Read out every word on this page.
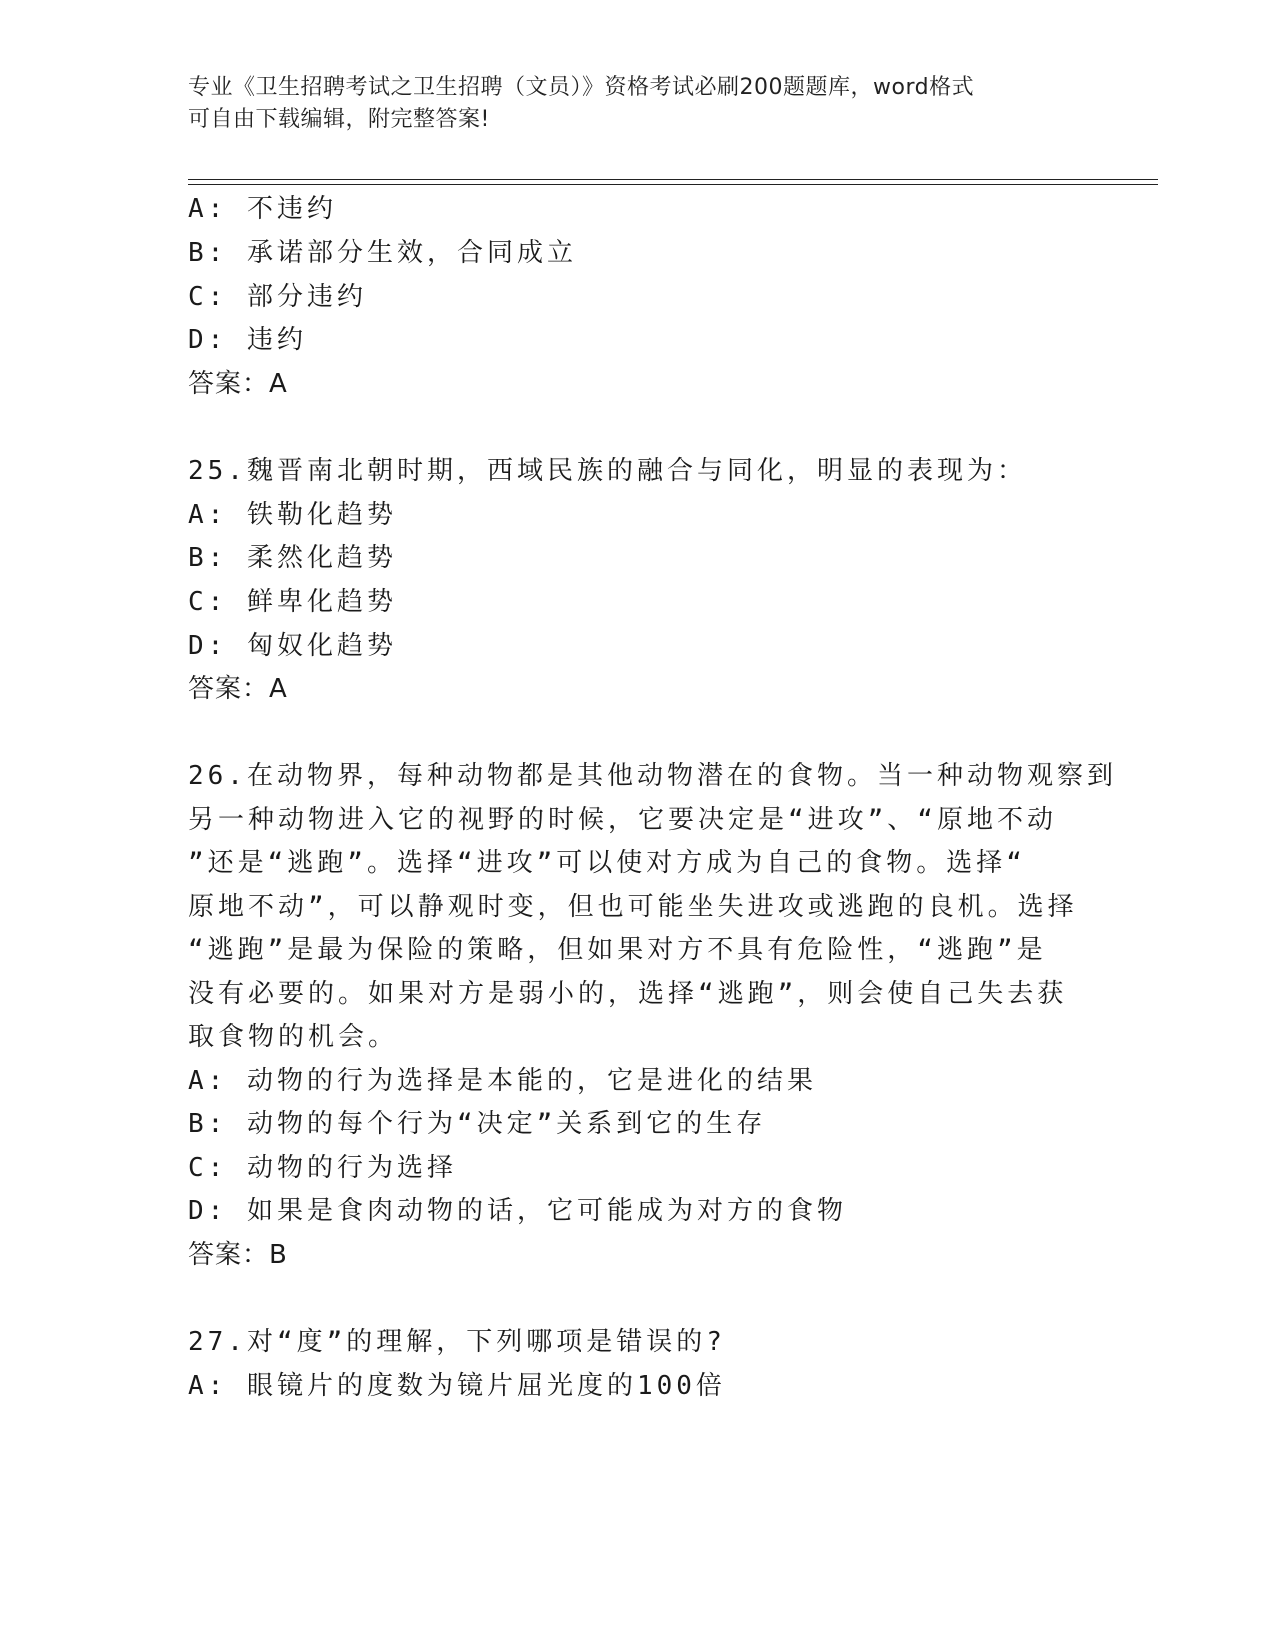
专业《卫生招聘考试之卫生招聘（文员）》资格考试必刷200题题库，word格式
可自由下载编辑，附完整答案!
A: 不违约
B: 承诺部分生效，合同成立
C: 部分违约
D: 违约
答案：A
25.魏晋南北朝时期，西域民族的融合与同化，明显的表现为：
A: 铁勒化趋势
B: 柔然化趋势
C: 鲜卑化趋势
D: 匈奴化趋势
答案：A
26.在动物界，每种动物都是其他动物潜在的食物。当一种动物观察到
另一种动物进入它的视野的时候，它要决定是“进攻”、“原地不动
”还是“逃跑”。选择“进攻”可以使对方成为自己的食物。选择“
原地不动”，可以静观时变，但也可能坐失进攻或逃跑的良机。选择
“逃跑”是最为保险的策略，但如果对方不具有危险性，“逃跑”是
没有必要的。如果对方是弱小的，选择“逃跑”，则会使自己失去获
取食物的机会。
A: 动物的行为选择是本能的，它是进化的结果
B: 动物的每个行为“决定”关系到它的生存
C: 动物的行为选择
D: 如果是食肉动物的话，它可能成为对方的食物
答案：B
27.对“度”的理解，下列哪项是错误的?
A: 眼镜片的度数为镜片屈光度的100倍
